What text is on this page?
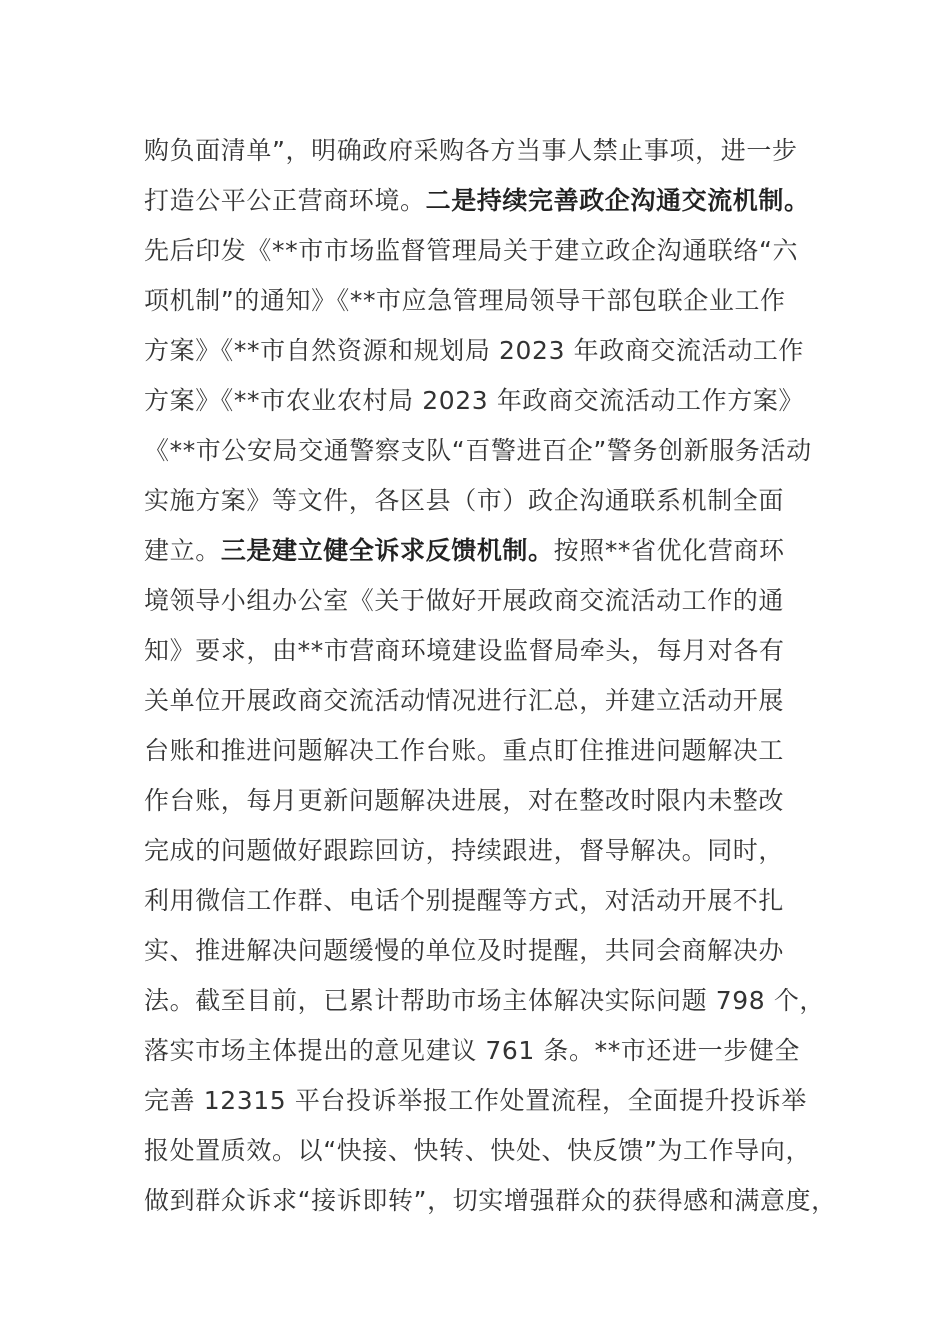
购负面清单”，明确政府采购各方当事人禁止事项，进一步
打造公平公正营商环境。二是持续完善政企沟通交流机制。
先后印发《**市市场监督管理局关于建立政企沟通联络“六
项机制”的通知》《**市应急管理局领导干部包联企业工作
方案》《**市自然资源和规划局 2023 年政商交流活动工作
方案》《**市农业农村局 2023 年政商交流活动工作方案》
《**市公安局交通警察支队“百警进百企”警务创新服务活动
实施方案》等文件，各区县（市）政企沟通联系机制全面
建立。三是建立健全诉求反馈机制。按照**省优化营商环
境领导小组办公室《关于做好开展政商交流活动工作的通
知》要求，由**市营商环境建设监督局牵头，每月对各有
关单位开展政商交流活动情况进行汇总，并建立活动开展
台账和推进问题解决工作台账。重点盯住推进问题解决工
作台账，每月更新问题解决进展，对在整改时限内未整改
完成的问题做好跟踪回访，持续跟进，督导解决。同时，
利用微信工作群、电话个别提醒等方式，对活动开展不扎
实、推进解决问题缓慢的单位及时提醒，共同会商解决办
法。截至目前，已累计帮助市场主体解决实际问题 798 个，
落实市场主体提出的意见建议 761 条。**市还进一步健全
完善 12315 平台投诉举报工作处置流程，全面提升投诉举
报处置质效。以“快接、快转、快处、快反馈”为工作导向，
做到群众诉求“接诉即转”，切实增强群众的获得感和满意度，
